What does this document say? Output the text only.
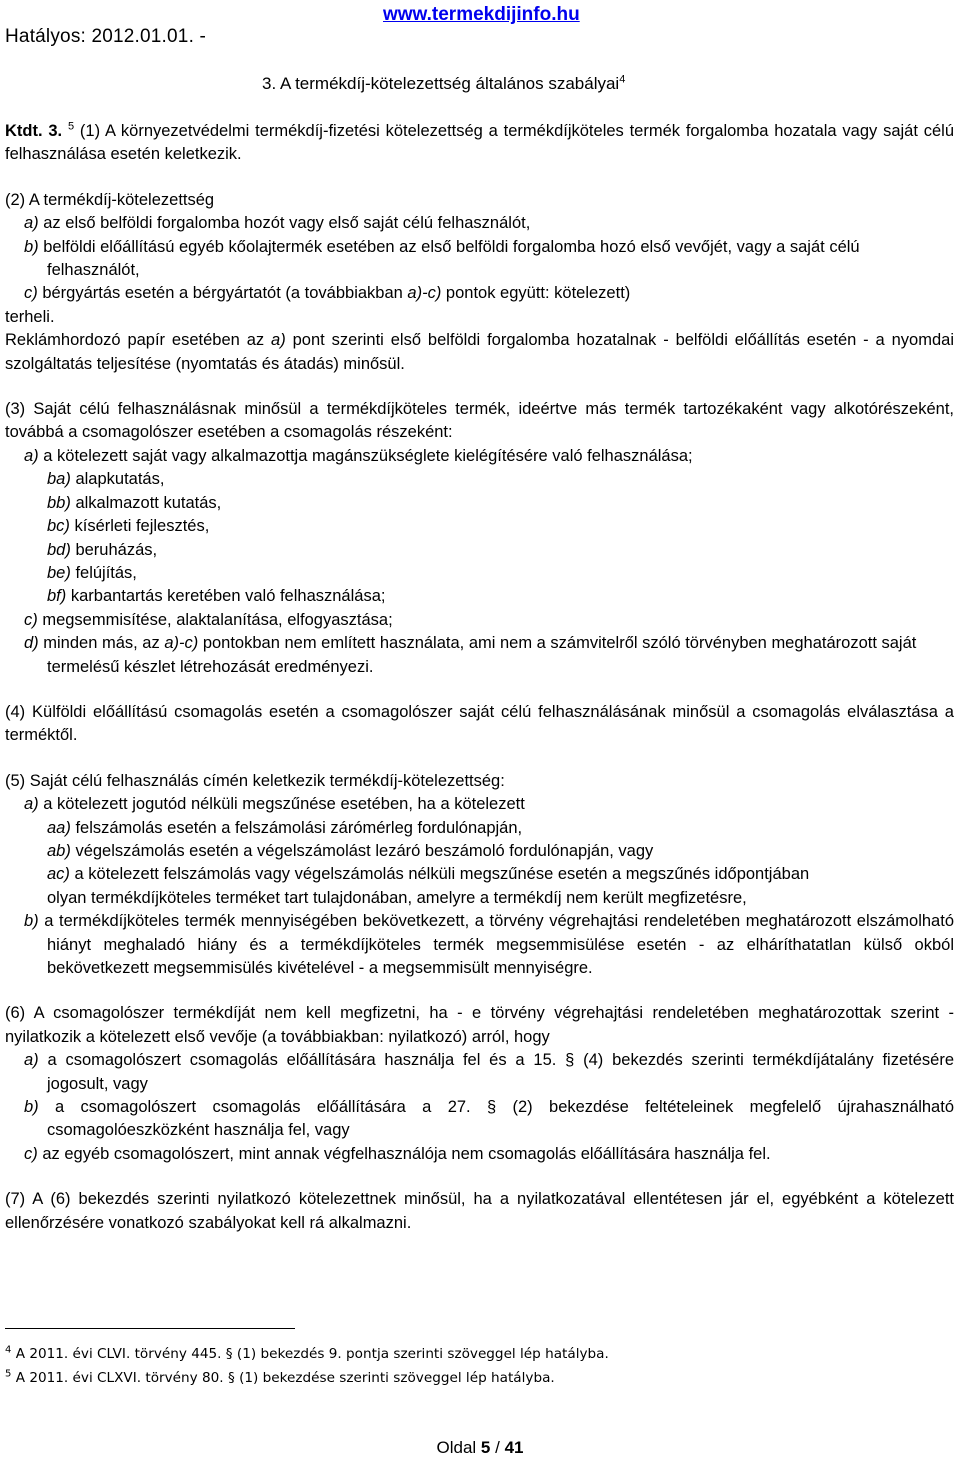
Hatályos: 2012.01.01. -
www.termekdijinfo.hu
3. A termékdíj-kötelezettség általános szabályai$^4$

Ktdt. 3. $^5$ (1) A környezetvédelmi termékdíj-fizetési kötelezettség a termékdíjköteles termék forgalomba hozatala vagy saját célú felhasználása esetén keletkezik.

(2) A termékdíj-kötelezettség

a) az első belföldi forgalomba hozót vagy első saját célú felhasználót,

b) belföldi előállítású egyéb kőolajtermék esetében az első belföldi forgalomba hozó első vevőjét, vagy a saját célú felhasználót,

c) bérgyártás esetén a bérgyártatót (a továbbiakban a)-c) pontok együtt: kötelezett)

terheli.

Reklámhordozó papír esetében az a) pont szerinti első belföldi forgalomba hozatalnak - belföldi előállítás esetén - a nyomdai szolgáltatás teljesítése (nyomtatás és átadás) minősül.

(3) Saját célú felhasználásnak minősül a termékdíjköteles termék, ideértve más termék tartozékaként vagy alkotórészeként, továbbá a csomagolószer esetében a csomagolás részeként:

a) a kötelezett saját vagy alkalmazottja magánszükséglete kielégítésére való felhasználása;

ba) alapkutatás,

bb) alkalmazott kutatás,

bc) kísérleti fejlesztés,

bd) beruházás,

be) felújítás,

bf) karbantartás keretében való felhasználása;

c) megsemmisítése, alaktalanítása, elfogyasztása;

d) minden más, az a)-c) pontokban nem említett használata, ami nem a számvitelről szóló törvényben meghatározott saját termelésű készlet létrehozását eredményezi.

(4) Külföldi előállítású csomagolás esetén a csomagolószer saját célú felhasználásának minősül a csomagolás elválasztása a terméktől.

(5) Saját célú felhasználás címén keletkezik termékdíj-kötelezettség:

a) a kötelezett jogutód nélküli megszűnése esetében, ha a kötelezett

aa) felszámolás esetén a felszámolási zárómérleg fordulónapján,

ab) végelszámolás esetén a végelszámolást lezáró beszámoló fordulónapján, vagy

ac) a kötelezett felszámolás vagy végelszámolás nélküli megszűnése esetén a megszűnés időpontjában

olyan termékdíjköteles terméket tart tulajdonában, amelyre a termékdíj nem került megfizetésre,

b) a termékdíjköteles termék mennyiségében bekövetkezett, a törvény végrehajtási rendeletében meghatározott elszámolható hiányt meghaladó hiány és a termékdíjköteles termék megsemmisülése esetén - az elháríthatatlan külső okból bekövetkezett megsemmisülés kivételével - a megsemmisült mennyiségre.

(6) A csomagolószer termékdíját nem kell megfizetni, ha - e törvény végrehajtási rendeletében meghatározottak szerint - nyilatkozik a kötelezett első vevője (a továbbiakban: nyilatkozó) arról, hogy

a) a csomagolószert csomagolás előállítására használja fel és a 15. § (4) bekezdés szerinti termékdíjátalány fizetésére jogosult, vagy

b) a csomagolószert csomagolás előállítására a 27. § (2) bekezdése feltételeinek megfelelő újrahasználható csomagolóeszközként használja fel, vagy

c) az egyéb csomagolószert, mint annak végfelhasználója nem csomagolás előállítására használja fel.

(7) A (6) bekezdés szerinti nyilatkozó kötelezettnek minősül, ha a nyilatkozatával ellentétesen jár el, egyébként a kötelezett ellenőrzésére vonatkozó szabályokat kell rá alkalmazni.

$^4$ A 2011. évi CLVI. törvény 445. § (1) bekezdés 9. pontja szerinti szöveggel lép hatályba.
$^5$ A 2011. évi CLXVI. törvény 80. § (1) bekezdése szerinti szöveggel lép hatályba.
Oldal 5 / 41
